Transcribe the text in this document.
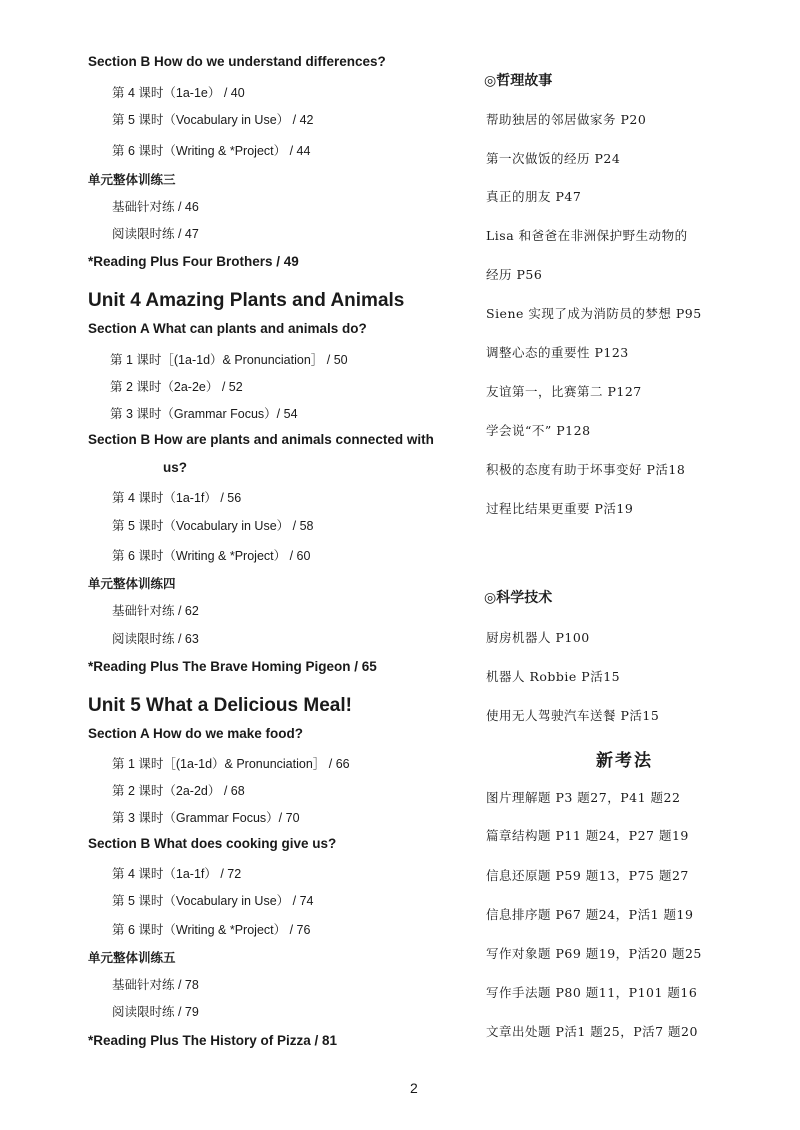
Section B How do we understand differences?
第 4 课时（1a-1e） / 40
第 5 课时（Vocabulary in Use） / 42
第 6 课时（Writing & *Project） / 44
单元整体训练三
基础针对练 / 46
阅读限时练 / 47
*Reading Plus Four Brothers / 49
Unit 4 Amazing Plants and Animals
Section A What can plants and animals do?
第 1 课时［(1a-1d）& Pronunciation］ / 50
第 2 课时（2a-2e） / 52
第 3 课时（Grammar Focus）/ 54
Section B How are plants and animals connected with
us?
第 4 课时（1a-1f） / 56
第 5 课时（Vocabulary in Use） / 58
第 6 课时（Writing & *Project） / 60
单元整体训练四
基础针对练 / 62
阅读限时练 / 63
*Reading Plus The Brave Homing Pigeon / 65
Unit 5 What a Delicious Meal!
Section A How do we make food?
第 1 课时［(1a-1d）& Pronunciation］ / 66
第 2 课时（2a-2d） / 68
第 3 课时（Grammar Focus）/ 70
Section B What does cooking give us?
第 4 课时（1a-1f） / 72
第 5 课时（Vocabulary in Use） / 74
第 6 课时（Writing & *Project） / 76
单元整体训练五
基础针对练 / 78
阅读限时练 / 79
*Reading Plus The History of Pizza / 81
◎哲理故事
帮助独居的邻居做家务 P20
第一次做饭的经历 P24
真正的朋友 P47
Lisa 和爸爸在非洲保护野生动物的
经历 P56
Siene 实现了成为消防员的梦想 P95
调整心态的重要性 P123
友谊第一，比赛第二 P127
学会说“不” P128
积极的态度有助于坏事变好 P活18
过程比结果更重要 P活19
◎科学技术
厨房机器人 P100
机器人 Robbie P活15
使用无人驾驶汽车送餐 P活15
新考法
图片理解题 P3 题27，P41 题22
篇章结构题 P11 题24，P27 题19
信息还原题 P59 题13，P75 题27
信息排序题 P67 题24，P活1 题19
写作对象题 P69 题19，P活20 题25
写作手法题 P80 题11，P101 题16
文章出处题 P活1 题25，P活7 题20
2
